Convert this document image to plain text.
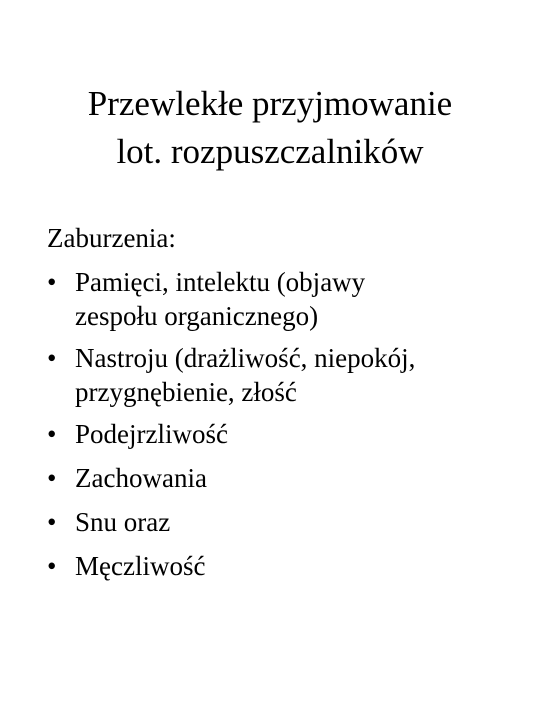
Przewlekłe przyjmowanie
lot. rozpuszczalników
Zaburzenia:
• Pamięci, intelektu (objawy
zespołu organicznego)
• Nastroju (drażliwość, niepokój,
przygnębienie, złość
• Podejrzliwość
• Zachowania
• Snu oraz
• Męczliwość
